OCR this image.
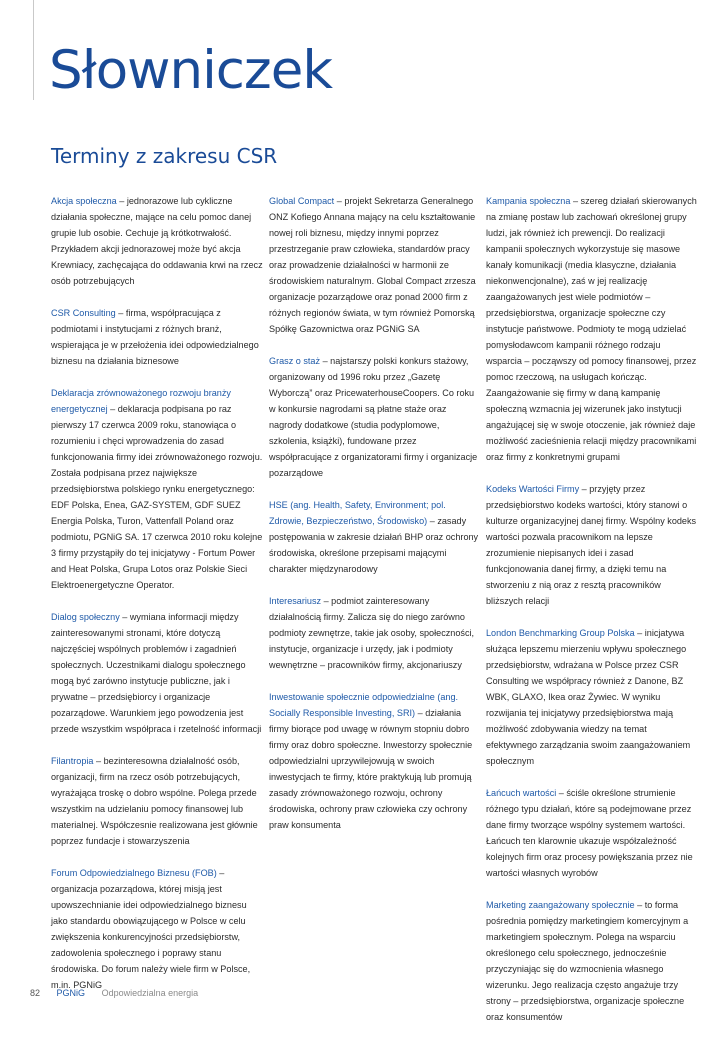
Słowniczek
Terminy z zakresu CSR

Akcja społeczna – jednorazowe lub cykliczne działania społeczne, mające na celu pomoc danej grupie lub osobie. Cechuje ją krótkotrwałość. Przykładem akcji jednorazowej może być akcja Krewniacy, zachęcająca do oddawania krwi na rzecz osób potrzebujących

CSR Consulting – firma, współpracująca z podmiotami i instytucjami z różnych branż, wspierająca je w przełożenia idei odpowiedzialnego biznesu na działania biznesowe

Deklaracja zrównoważonego rozwoju branży energetycznej – deklaracja podpisana po raz pierwszy 17 czerwca 2009 roku, stanowiąca o rozumieniu i chęci wprowadzenia do zasad funkcjonowania firmy idei zrównoważonego rozwoju. Została podpisana przez największe przedsiębiorstwa polskiego rynku energetycznego: EDF Polska, Enea, GAZ-SYSTEM, GDF SUEZ Energia Polska, Turon, Vattenfall Poland oraz podmiotu, PGNiG SA. 17 czerwca 2010 roku kolejne 3 firmy przystąpiły do tej inicjatywy - Fortum Power and Heat Polska, Grupa Lotos oraz Polskie Sieci Elektroenergetyczne Operator.

Dialog społeczny – wymiana informacji między zainteresowanymi stronami, które dotyczą najczęściej wspólnych problemów i zagadnień społecznych. Uczestnikami dialogu społecznego mogą być zarówno instytucje publiczne, jak i prywatne – przedsiębiorcy i organizacje pozarządowe. Warunkiem jego powodzenia jest przede wszystkim współpraca i rzetelność informacji

Filantropia – bezinteresowna działalność osób, organizacji, firm na rzecz osób potrzebujących, wyrażająca troskę o dobro wspólne. Polega przede wszystkim na udzielaniu pomocy finansowej lub materialnej. Współczesnie realizowana jest głównie poprzez fundacje i stowarzyszenia

Forum Odpowiedzialnego Biznesu (FOB) – organizacja pozarządowa, której misją jest upowszechnianie idei odpowiedzialnego biznesu jako standardu obowiązującego w Polsce w celu zwiększenia konkurencyjności przedsiębiorstw, zadowolenia społecznego i poprawy stanu środowiska. Do forum należy wiele firm w Polsce, m.in. PGNiG

Global Compact – projekt Sekretarza Generalnego ONZ Kofiego Annana mający na celu kształtowanie nowej roli biznesu, między innymi poprzez przestrzeganie praw człowieka, standardów pracy oraz prowadzenie działalności w harmonii ze środowiskiem naturalnym. Global Compact zrzesza organizacje pozarządowe oraz ponad 2000 firm z różnych regionów świata, w tym również Pomorską Spółkę Gazownictwa oraz PGNiG SA

Grasz o staż – najstarszy polski konkurs stażowy, organizowany od 1996 roku przez „Gazetę Wyborczą” oraz PricewaterhouseCoopers. Co roku w konkursie nagrodami są płatne staże oraz nagrody dodatkowe (studia podyplomowe, szkolenia, książki), fundowane przez współpracujące z organizatorami firmy i organizacje pozarządowe

HSE (ang. Health, Safety, Environment; pol. Zdrowie, Bezpieczeństwo, Środowisko) – zasady postępowania w zakresie działań BHP oraz ochrony środowiska, określone przepisami mającymi charakter międzynarodowy

Interesariusz – podmiot zainteresowany działalnością firmy. Zalicza się do niego zarówno podmioty zewnętrze, takie jak osoby, społeczności, instytucje, organizacje i urzędy, jak i podmioty wewnętrzne – pracowników firmy, akcjonariuszy

Inwestowanie społecznie odpowiedzialne (ang. Socially Responsible Investing, SRI) – działania firmy biorące pod uwagę w równym stopniu dobro firmy oraz dobro społeczne. Inwestorzy społecznie odpowiedzialni uprzywilejowują w swoich inwestycjach te firmy, które praktykują lub promują zasady zrównoważonego rozwoju, ochrony środowiska, ochrony praw człowieka czy ochrony praw konsumenta

Kampania społeczna – szereg działań skierowanych na zmianę postaw lub zachowań określonej grupy ludzi, jak również ich prewencji. Do realizacji kampanii społecznych wykorzystuje się masowe kanały komunikacji (media klasyczne, działania niekonwencjonalne), zaś w jej realizację zaangażowanych jest wiele podmiotów – przedsiębiorstwa, organizacje społeczne czy instytucje państwowe. Podmioty te mogą udzielać pomysłodawcom kampanii różnego rodzaju wsparcia – począwszy od pomocy finansowej, przez pomoc rzeczową, na usługach kończąc. Zaangażowanie się firmy w daną kampanię społeczną wzmacnia jej wizerunek jako instytucji angażującej się w swoje otoczenie, jak również daje możliwość zacieśnienia relacji między pracownikami oraz firmy z konkretnymi grupami

Kodeks Wartości Firmy – przyjęty przez przedsiębiorstwo kodeks wartości, który stanowi o kulturze organizacyjnej danej firmy. Wspólny kodeks wartości pozwala pracownikom na lepsze zrozumienie niepisanych idei i zasad funkcjonowania danej firmy, a dzięki temu na stworzeniu z nią oraz z resztą pracowników bliższych relacji

London Benchmarking Group Polska – inicjatywa służąca lepszemu mierzeniu wpływu społecznego przedsiębiorstw, wdrażana w Polsce przez CSR Consulting we współpracy również z Danone, BZ WBK, GLAXO, Ikea oraz Żywiec. W wyniku rozwijania tej inicjatywy przedsiębiorstwa mają możliwość zdobywania wiedzy na temat efektywnego zarządzania swoim zaangażowaniem społecznym

Łańcuch wartości – ściśle określone strumienie różnego typu działań, które są podejmowane przez dane firmy tworzące wspólny systemem wartości. Łańcuch ten klarownie ukazuje współzależność kolejnych firm oraz procesy powiększania przez nie wartości własnych wyrobów

Marketing zaangażowany społecznie – to forma pośrednia pomiędzy marketingiem komercyjnym a marketingiem społecznym. Polega na wsparciu określonego celu społecznego, jednocześnie przyczyniając się do wzmocnienia własnego wizerunku. Jego realizacja często angażuje trzy strony – przedsiębiorstwa, organizacje społeczne oraz konsumentów

82 PGNiG Odpowiedzialna energia
